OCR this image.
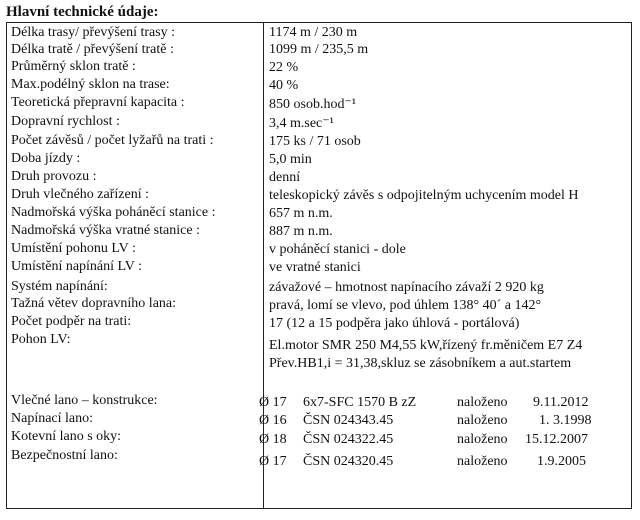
Hlavní technické údaje:
Délka trasy/ převýšení trasy :	1174 m / 230 m
Délka tratě / převýšení tratě :	1099 m / 235,5 m
Průměrný sklon tratě :	22 %
Max.podélný sklon na trase:	40 %
Teoretická přepravní kapacita :	850 osob.hod⁻¹
Dopravní rychlost :	3,4 m.sec⁻¹
Počet závěsů / počet lyžařů na trati :	175 ks / 71 osob
Doba jízdy :	5,0 min
Druh provozu :	denní
Druh vlečného zařízení :	teleskopický závěs s odpojitelným uchycením model H
Nadmořská výška poháněcí stanice :	657 m n.m.
Nadmořská výška vratné stanice :	887 m n.m.
Umístění pohonu LV :	v poháněcí stanici - dole
Umístění napínání LV :	ve vratné stanici
Systém napínání:	závažové – hmotnost napínacího závaží 2 920 kg
Tažná větev dopravního lana:	pravá, lomí se vlevo, pod úhlem 138° 40´ a 142°
Počet podpěr na trati:	17 (12 a 15 podpěra jako úhlová - portálová)
Pohon LV:	El.motor SMR 250 M4,55 kW,řízený fr.měničem E7 Z4
Přev.HB1,i = 31,38,skluz se zásobníkem a aut.startem
Vlečné lano – konstrukce:	Ø 17 6x7-SFC 1570 B zZ	naloženo 9.11.2012
Napínací lano:	Ø 16 ČSN 024343.45	naloženo 1. 3.1998
Kotevní lano s oky:	Ø 18 ČSN 024322.45	naloženo 15.12.2007
Bezpečnostní lano:	Ø 17 ČSN 024320.45	naloženo 1.9.2005
